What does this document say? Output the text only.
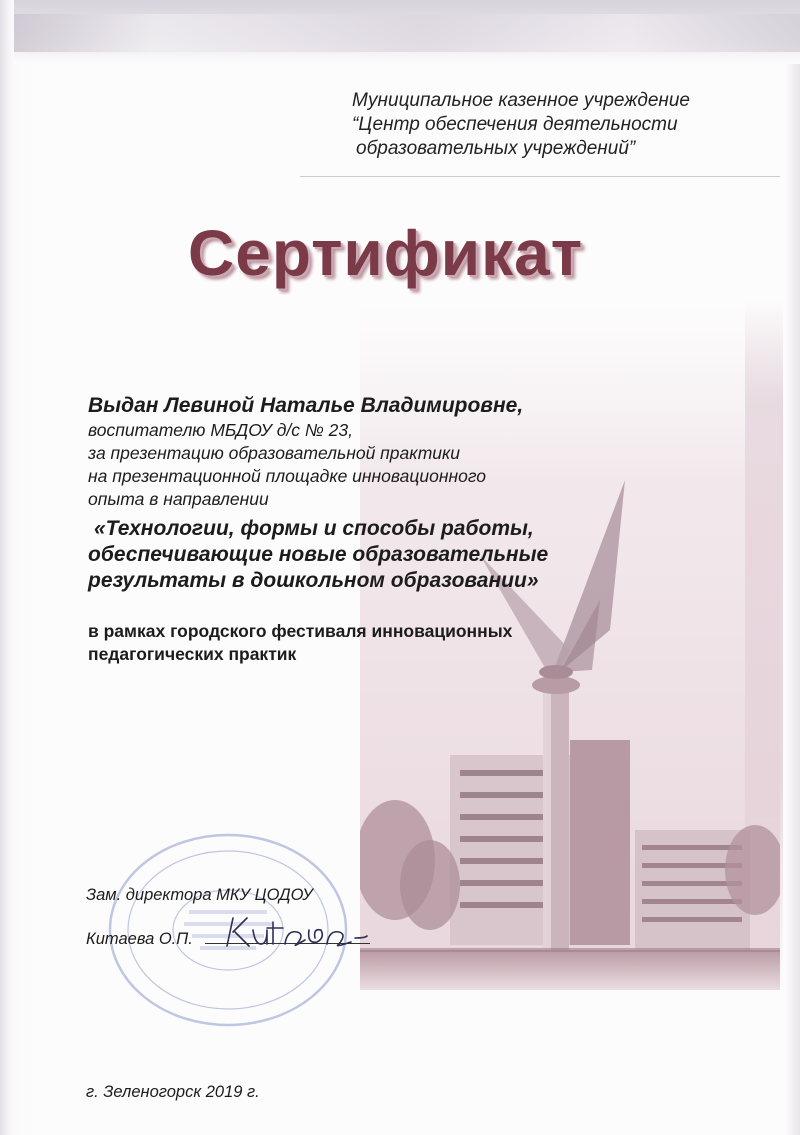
Муниципальное казенное учреждение
“Центр обеспечения деятельности
образовательных учреждений”
Сертификат
Выдан Левиной Наталье Владимировне,
воспитателю МБДОУ д/с № 23,
за презентацию образовательной практики
на презентационной площадке инновационного
опыта в направлении
«Технологии, формы и способы работы,
обеспечивающие новые образовательные
результаты в дошкольном образовании»
в рамках городского фестиваля инновационных
педагогических практик
Зам. директора МКУ ЦОДОУ
Китаева О.П.
г. Зеленогорск 2019 г.
